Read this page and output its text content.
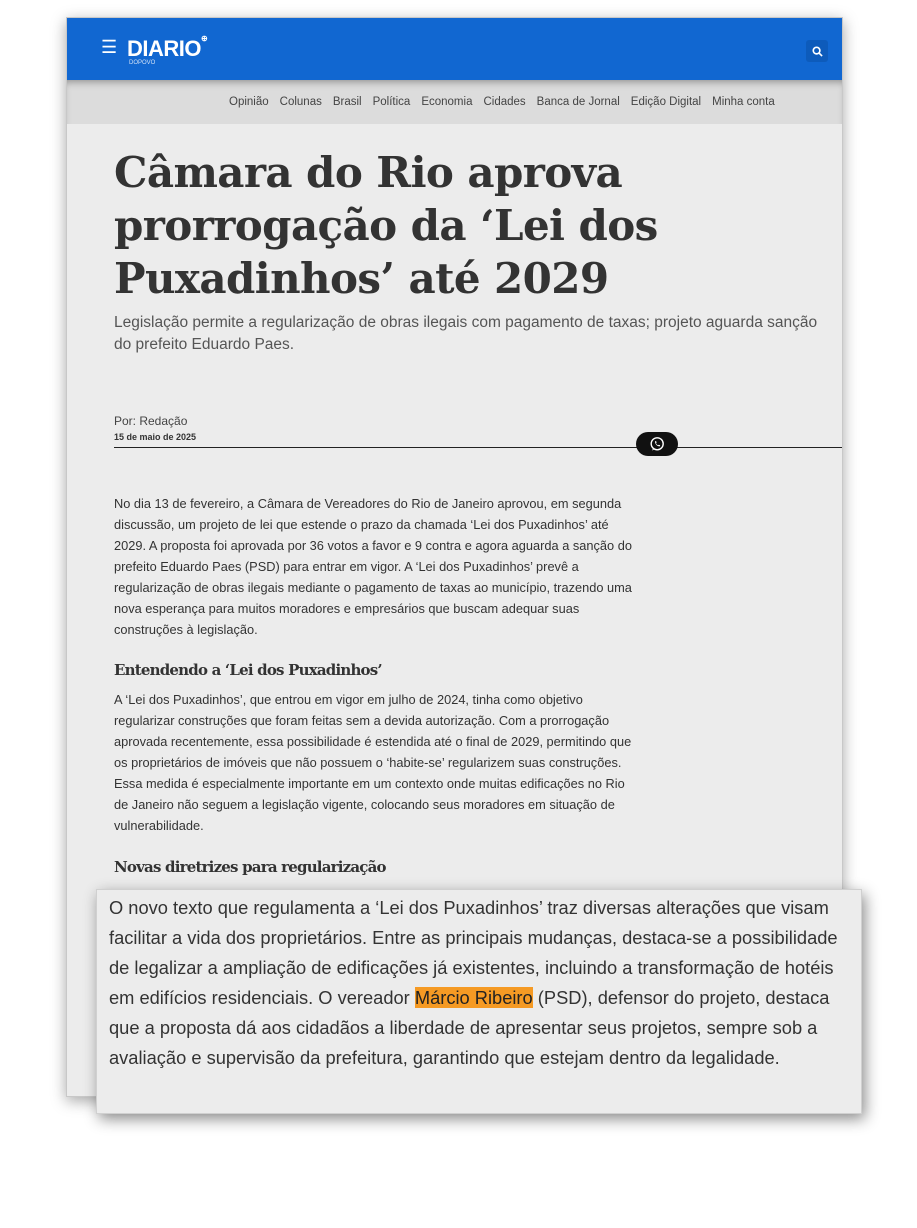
☰ DIARIO⊕
DOPOVO
Opinião Colunas Brasil Política Economia Cidades Banca de Jornal Edição Digital Minha conta
Câmara do Rio aprova prorrogação da ‘Lei dos Puxadinhos’ até 2029

Legislação permite a regularização de obras ilegais com pagamento de taxas; projeto aguarda sanção do prefeito Eduardo Paes.

Por: Redação
15 de maio de 2025

No dia 13 de fevereiro, a Câmara de Vereadores do Rio de Janeiro aprovou, em segunda discussão, um projeto de lei que estende o prazo da chamada ‘Lei dos Puxadinhos’ até 2029. A proposta foi aprovada por 36 votos a favor e 9 contra e agora aguarda a sanção do prefeito Eduardo Paes (PSD) para entrar em vigor. A ‘Lei dos Puxadinhos’ prevê a regularização de obras ilegais mediante o pagamento de taxas ao município, trazendo uma nova esperança para muitos moradores e empresários que buscam adequar suas construções à legislação.

Entendendo a ‘Lei dos Puxadinhos’

A ‘Lei dos Puxadinhos’, que entrou em vigor em julho de 2024, tinha como objetivo regularizar construções que foram feitas sem a devida autorização. Com a prorrogação aprovada recentemente, essa possibilidade é estendida até o final de 2029, permitindo que os proprietários de imóveis que não possuem o ‘habite-se’ regularizem suas construções. Essa medida é especialmente importante em um contexto onde muitas edificações no Rio de Janeiro não seguem a legislação vigente, colocando seus moradores em situação de vulnerabilidade.

Novas diretrizes para regularização

O novo texto que regulamenta a ‘Lei dos Puxadinhos’ traz diversas alterações que visam facilitar a vida dos proprietários. Entre as principais mudanças, destaca-se a possibilidade de legalizar a ampliação de edificações já existentes, incluindo a transformação de hotéis em edifícios residenciais. O vereador Márcio Ribeiro (PSD), defensor do projeto, destaca que a proposta dá aos cidadãos a liberdade de apresentar seus projetos, sempre sob a avaliação e supervisão da prefeitura, garantindo que estejam dentro da legalidade.
